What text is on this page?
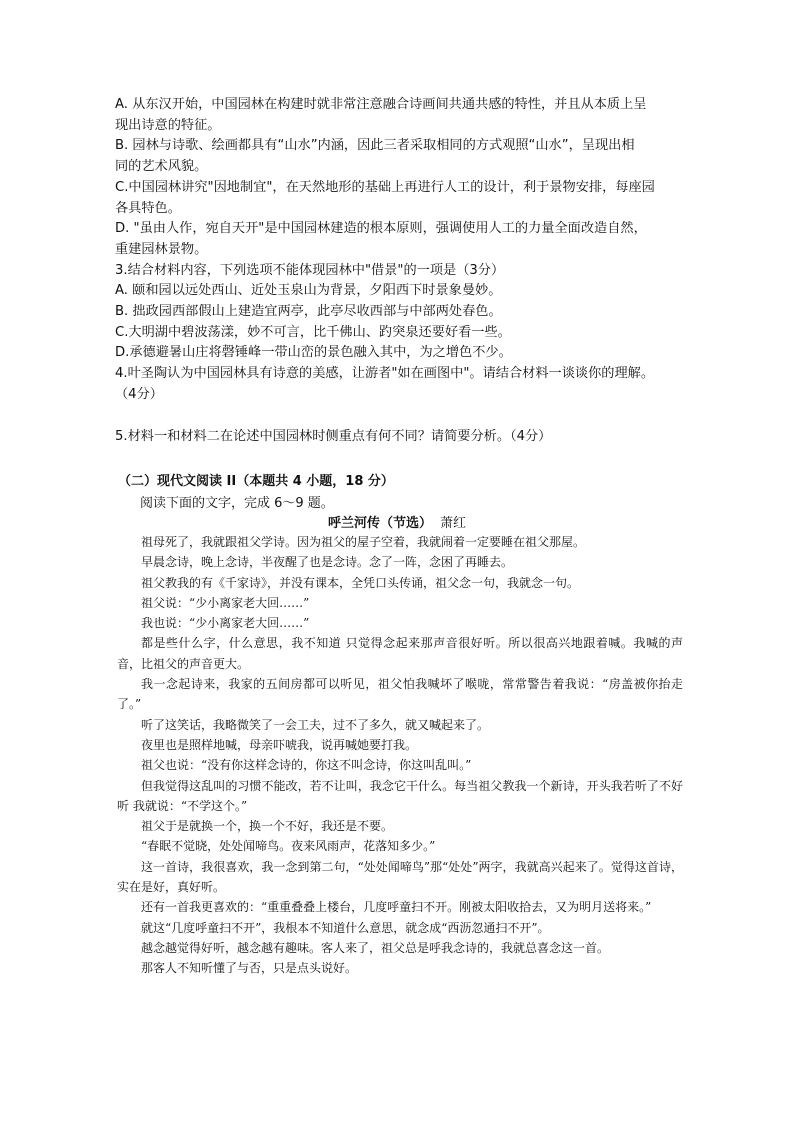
A. 从东汉开始，中国园林在构建时就非常注意融合诗画间共通共感的特性，并且从本质上呈

现出诗意的特征。

B. 园林与诗歌、绘画都具有“山水”内涵，因此三者采取相同的方式观照“山水”，呈现出相

同的艺术风貌。

C.中国园林讲究"因地制宜"，在天然地形的基础上再进行人工的设计，利于景物安排，每座园

各具特色。

D. "虽由人作，宛自天开"是中国园林建造的根本原则，强调使用人工的力量全面改造自然，

重建园林景物。

3.结合材料内容，下列选项不能体现园林中"借景"的一项是（3分）

A. 颐和园以远处西山、近处玉泉山为背景，夕阳西下时景象曼妙。

B. 拙政园西部假山上建造宜两亭，此亭尽收西部与中部两处春色。

C.大明湖中碧波荡漾，妙不可言，比千佛山、趵突泉还要好看一些。

D.承德避暑山庄将磬锤峰一带山峦的景色融入其中，为之增色不少。

4.叶圣陶认为中国园林具有诗意的美感，让游者"如在画图中"。请结合材料一谈谈你的理解。

（4分）

5.材料一和材料二在论述中国园林时侧重点有何不同？请简要分析。（4分）

（二）现代文阅读 II（本题共 4 小题，18 分）
阅读下面的文字，完成 6～9 题。
呼兰河传（节选） 萧红

祖母死了，我就跟祖父学诗。因为祖父的屋子空着，我就闹着一定要睡在祖父那屋。

早晨念诗，晚上念诗，半夜醒了也是念诗。念了一阵，念困了再睡去。

祖父教我的有《千家诗》，并没有课本，全凭口头传诵，祖父念一句，我就念一句。

祖父说：“少小离家老大回……”

我也说：“少小离家老大回……”

都是些什么字，什么意思，我不知道 只觉得念起来那声音很好听。所以很高兴地跟着喊。我喊的声音，比祖父的声音更大。

我一念起诗来，我家的五间房都可以听见，祖父怕我喊坏了喉咙，常常警告着我说：“房盖被你抬走了。”

听了这笑话，我略微笑了一会工夫，过不了多久，就又喊起来了。

夜里也是照样地喊，母亲吓唬我，说再喊她要打我。

祖父也说：“没有你这样念诗的，你这不叫念诗，你这叫乱叫。”

但我觉得这乱叫的习惯不能改，若不让叫，我念它干什么。每当祖父教我一个新诗，开头我若听了不好听 我就说：“不学这个。”

祖父于是就换一个，换一个不好，我还是不要。

“春眠不觉晓，处处闻啼鸟。夜来风雨声，花落知多少。”

这一首诗，我很喜欢，我一念到第二句，“处处闻啼鸟”那“处处”两字，我就高兴起来了。觉得这首诗，实在是好，真好听。

还有一首我更喜欢的：“重重叠叠上楼台，几度呼童扫不开。刚被太阳收拾去，又为明月送将来。”

就这“几度呼童扫不开”，我根本不知道什么意思，就念成“西沥忽通扫不开”。

越念越觉得好听，越念越有趣味。客人来了，祖父总是呼我念诗的，我就总喜念这一首。

那客人不知听懂了与否，只是点头说好。
